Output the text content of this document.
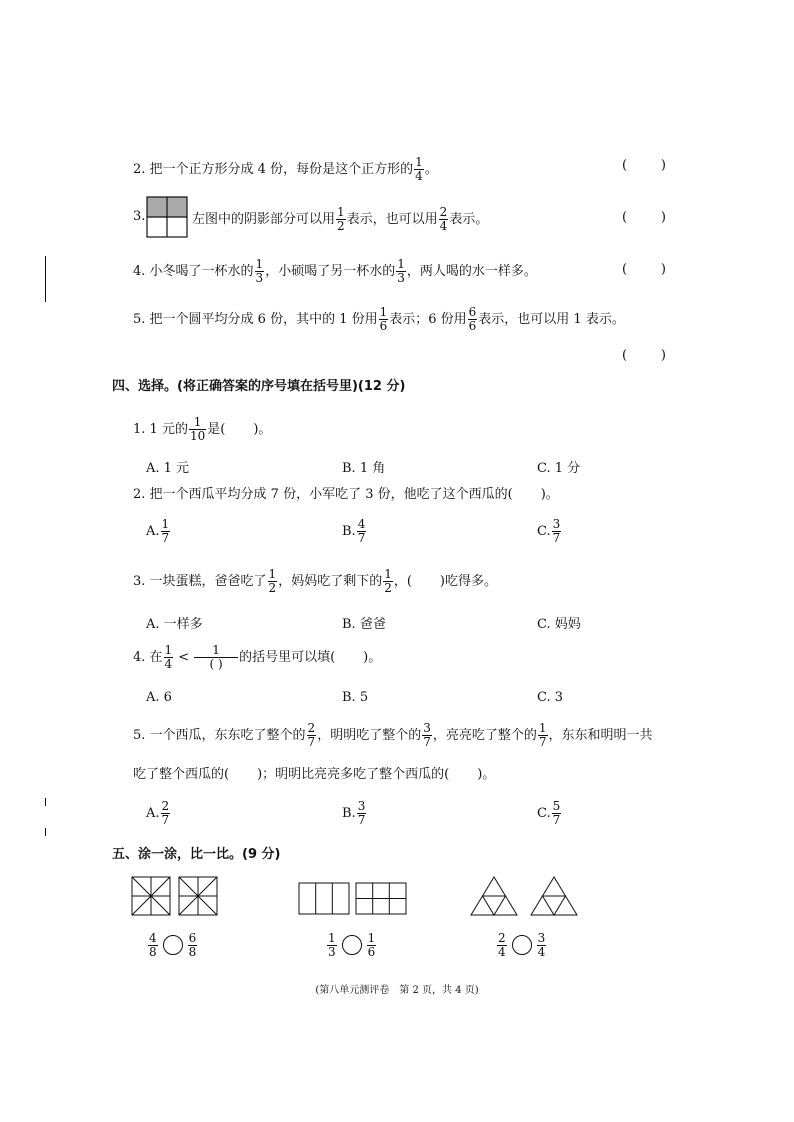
2. 把一个正方形分成 4 份，每份是这个正方形的 $\frac{1}{4}$ 。	(	)
3.	左图中的阴影部分可以用 $\frac{1}{2}$ 表示，也可以用 $\frac{2}{4}$ 表示。	(	)
4. 小冬喝了一杯水的 $\frac{1}{3}$ ，小硕喝了另一杯水的 $\frac{1}{3}$ ，两人喝的水一样多。	(	)
5. 把一个圆平均分成 6 份，其中的 1 份用 $\frac{1}{6}$ 表示；6 份用 $\frac{6}{6}$ 表示，也可以用 1 表示。
(	)
四、选择。(将正确答案的序号填在括号里)(12 分)
1. 1 元的 $\frac{1}{10}$ 是( )。
A. 1 元	B. 1 角	C. 1 分
2. 把一个西瓜平均分成 7 份，小军吃了 3 份，他吃了这个西瓜的( )。
A. $\frac{1}{7}$	B. $\frac{4}{7}$	C. $\frac{3}{7}$
3. 一块蛋糕，爸爸吃了 $\frac{1}{2}$ ，妈妈吃了剩下的 $\frac{1}{2}$ ，( )吃得多。
A. 一样多	B. 爸爸	C. 妈妈
4. 在 $\frac{1}{4} < \frac{1}{( )}$ 的括号里可以填( )。
A. 6	B. 5	C. 3
5. 一个西瓜，东东吃了整个的 $\frac{2}{7}$ ，明明吃了整个的 $\frac{3}{7}$ ，亮亮吃了整个的 $\frac{1}{7}$ ，东东和明明一共
吃了整个西瓜的( )；明明比亮亮多吃了整个西瓜的( )。
A. $\frac{2}{7}$	B. $\frac{3}{7}$	C. $\frac{5}{7}$
五、涂一涂，比一比。(9 分)
$\frac{4}{8}$	$\frac{6}{8}$	$\frac{1}{3}$	$\frac{1}{6}$	$\frac{2}{4}$	$\frac{3}{4}$
(第八单元测评卷　第 2 页，共 4 页)
